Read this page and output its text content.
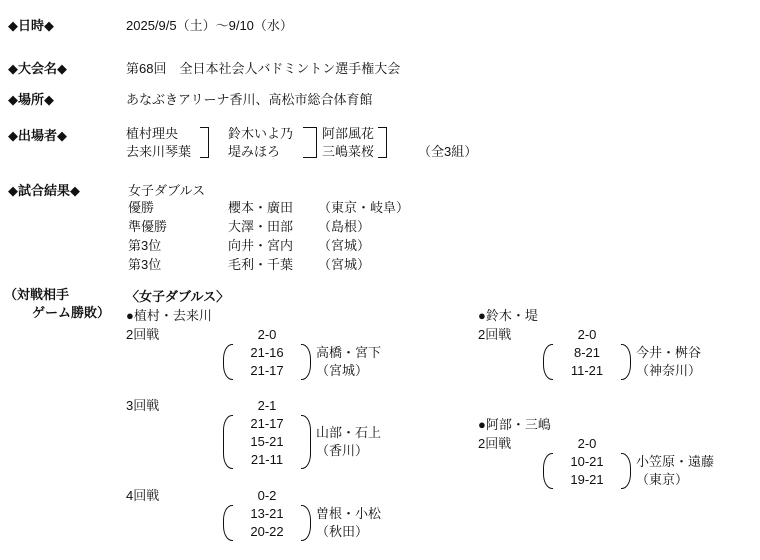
◆日時◆	2025/9/5（土）～9/10（水）
◆大会名◆	第68回　全日本社会人バドミントン選手権大会
◆場所◆	あなぶきアリーナ香川、高松市総合体育館
◆出場者◆	植村理央
去来川琴葉
鈴木いよ乃
堤みほろ
阿部風花
三嶋菜桜	（全3組）
◆試合結果◆	女子ダブルス
優勝	櫻本・廣田 （東京・岐阜）
準優勝	大澤・田部 （島根）
第3位	向井・宮内 （宮城）
第3位	毛利・千葉 （宮城）
（対戦相手
ゲーム勝敗）
〈女子ダブルス〉
●植村・去来川
2回戦	2-0
21-16
21-17
高橋・宮下
（宮城）
3回戦	2-1
21-17
15-21
21-11
山部・石上
（香川）
4回戦	0-2
13-21
20-22
曽根・小松
（秋田）
●鈴木・堤
2回戦	2-0
8-21
11-21
今井・桝谷
（神奈川）
●阿部・三嶋
2回戦	2-0
10-21
19-21
小笠原・遠藤
（東京）
